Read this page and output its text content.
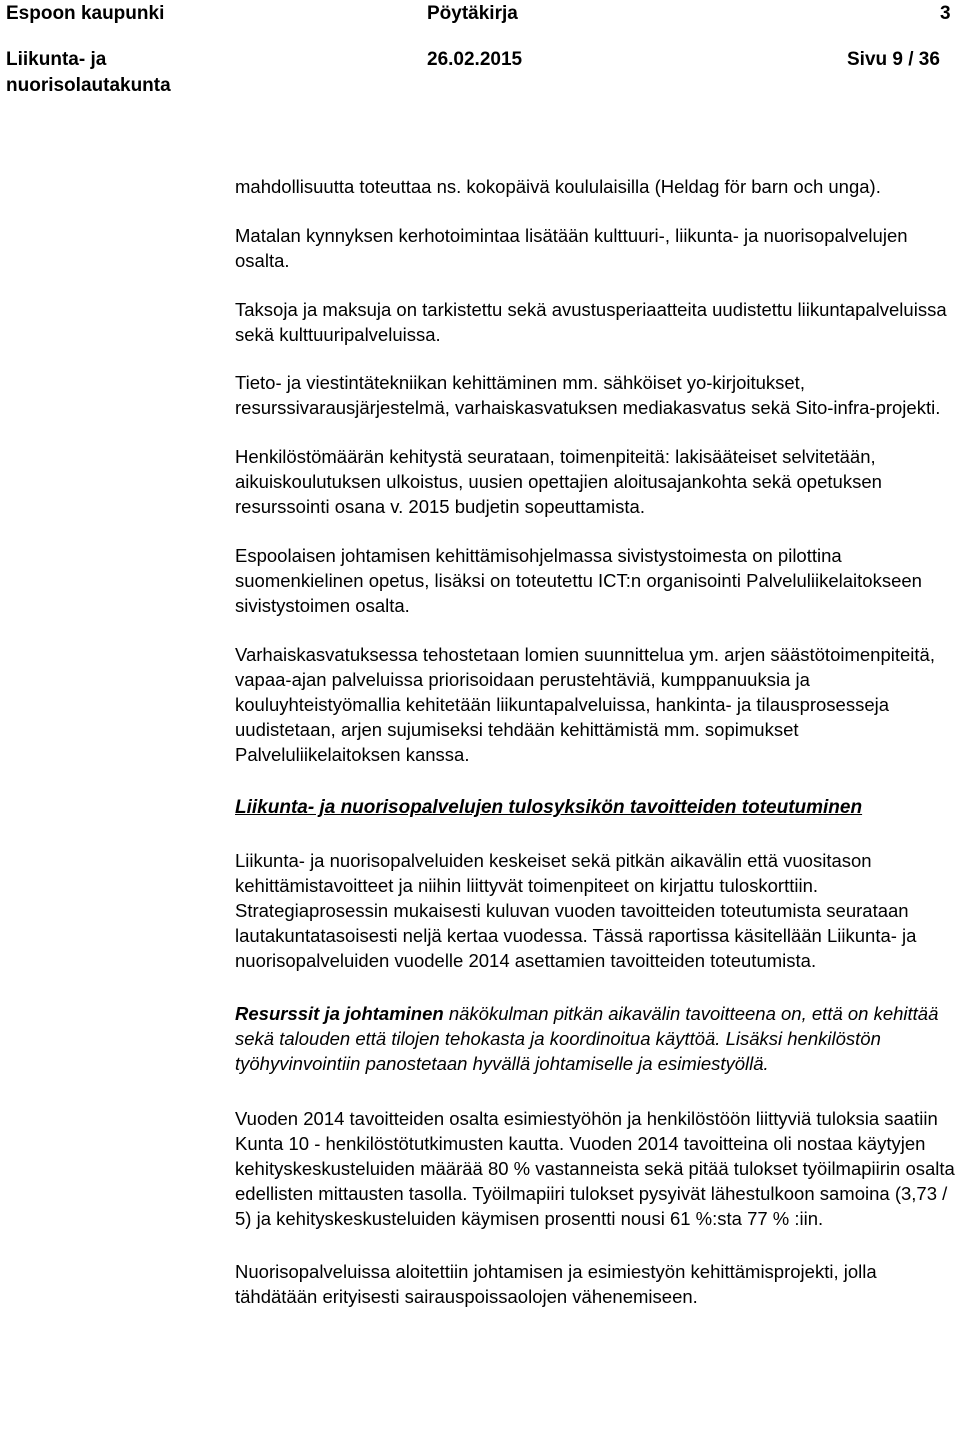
Espoon kaupunki	Pöytäkirja	3
Liikunta- ja
nuorisolautakunta
26.02.2015	Sivu 9 / 36

mahdollisuutta toteuttaa ns. kokopäivä koululaisilla (Heldag för barn och unga).

Matalan kynnyksen kerhotoimintaa lisätään kulttuuri-, liikunta- ja nuorisopalvelujen osalta.

Taksoja ja maksuja on tarkistettu sekä avustusperiaatteita uudistettu liikuntapalveluissa sekä kulttuuripalveluissa.

Tieto- ja viestintätekniikan kehittäminen mm. sähköiset yo-kirjoitukset, resurssivarausjärjestelmä, varhaiskasvatuksen mediakasvatus sekä Sito-infra-projekti.

Henkilöstömäärän kehitystä seurataan, toimenpiteitä: lakisääteiset selvitetään, aikuiskoulutuksen ulkoistus, uusien opettajien aloitusajankohta sekä opetuksen resurssointi osana v. 2015 budjetin sopeuttamista.

Espoolaisen johtamisen kehittämisohjelmassa sivistystoimesta on pilottina suomenkielinen opetus, lisäksi on toteutettu ICT:n organisointi Palveluliikelaitokseen sivistystoimen osalta.

Varhaiskasvatuksessa tehostetaan lomien suunnittelua ym. arjen säästötoimenpiteitä, vapaa-ajan palveluissa priorisoidaan perustehtäviä, kumppanuuksia ja kouluyhteistyömallia kehitetään liikuntapalveluissa, hankinta- ja tilausprosesseja uudistetaan, arjen sujumiseksi tehdään kehittämistä mm. sopimukset Palveluliikelaitoksen kanssa.

Liikunta- ja nuorisopalvelujen tulosyksikön tavoitteiden toteutuminen

Liikunta- ja nuorisopalveluiden keskeiset sekä pitkän aikavälin että vuositason kehittämistavoitteet ja niihin liittyvät toimenpiteet on kirjattu tuloskorttiin. Strategiaprosessin mukaisesti kuluvan vuoden tavoitteiden toteutumista seurataan lautakuntatasoisesti neljä kertaa vuodessa. Tässä raportissa käsitellään Liikunta- ja nuorisopalveluiden vuodelle 2014 asettamien tavoitteiden toteutumista.

Resurssit ja johtaminen näkökulman pitkän aikavälin tavoitteena on, että on kehittää sekä talouden että tilojen tehokasta ja koordinoitua käyttöä. Lisäksi henkilöstön työhyvinvointiin panostetaan hyvällä johtamiselle ja esimiestyöllä.

Vuoden 2014 tavoitteiden osalta esimiestyöhön ja henkilöstöön liittyviä tuloksia saatiin Kunta 10 - henkilöstötutkimusten kautta. Vuoden 2014 tavoitteina oli nostaa käytyjen kehityskeskusteluiden määrää 80 % vastanneista sekä pitää tulokset työilmapiirin osalta edellisten mittausten tasolla. Työilmapiiri tulokset pysyivät lähestulkoon samoina (3,73 / 5) ja kehityskeskusteluiden käymisen prosentti nousi 61 %:sta 77 % :iin.

Nuorisopalveluissa aloitettiin johtamisen ja esimiestyön kehittämisprojekti, jolla tähdätään erityisesti sairauspoissaolojen vähenemiseen.
